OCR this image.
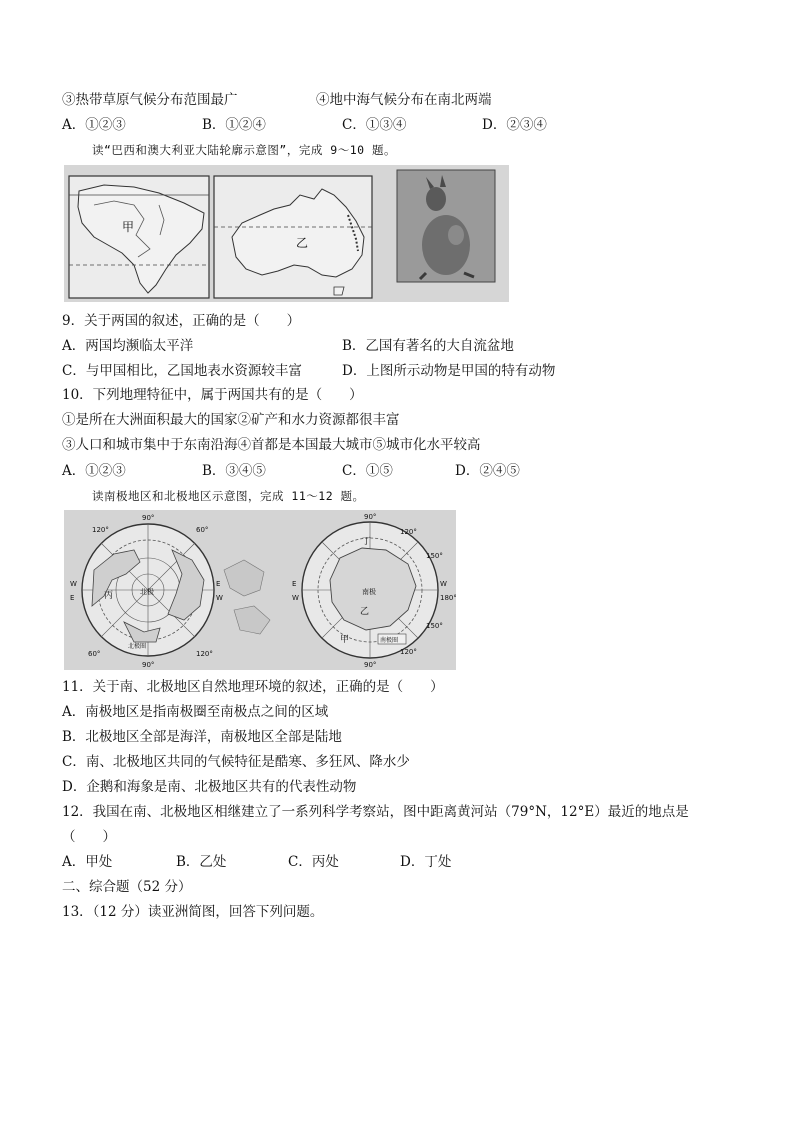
③热带草原气候分布范围最广	④地中海气候分布在南北两端
A．①②③	B．①②④	C．①③④	D．②③④
读“巴西和澳大利亚大陆轮廓示意图”，完成 9～10 题。
甲
乙
9．关于两国的叙述，正确的是（　　）
A．两国均濒临太平洋	B．乙国有著名的大自流盆地
C．与甲国相比，乙国地表水资源较丰富	D．上图所示动物是甲国的特有动物
10．下列地理特征中，属于两国共有的是（　　）
①是所在大洲面积最大的国家②矿产和水力资源都很丰富
③人口和城市集中于东南沿海④首都是本国最大城市⑤城市化水平较高
A．①②③	B．③④⑤	C．①⑤	D．②④⑤
读南极地区和北极地区示意图，完成 11～12 题。
北极
90°
90°
60°
120°
120°
60°
W
E
E
W
丙
北极圈
南极
90°
90°
120°
150°
150°
120°
E
W
W
180°
丁
乙
甲	南极圈
11．关于南、北极地区自然地理环境的叙述，正确的是（　　）
A．南极地区是指南极圈至南极点之间的区域
B．北极地区全部是海洋，南极地区全部是陆地
C．南、北极地区共同的气候特征是酷寒、多狂风、降水少
D．企鹅和海象是南、北极地区共有的代表性动物
12．我国在南、北极地区相继建立了一系列科学考察站，图中距离黄河站（79°N，12°E）最近的地点是
（　　）
A．甲处	B．乙处	C．丙处	D．丁处
二、综合题（52 分）
13．（12 分）读亚洲简图，回答下列问题。
